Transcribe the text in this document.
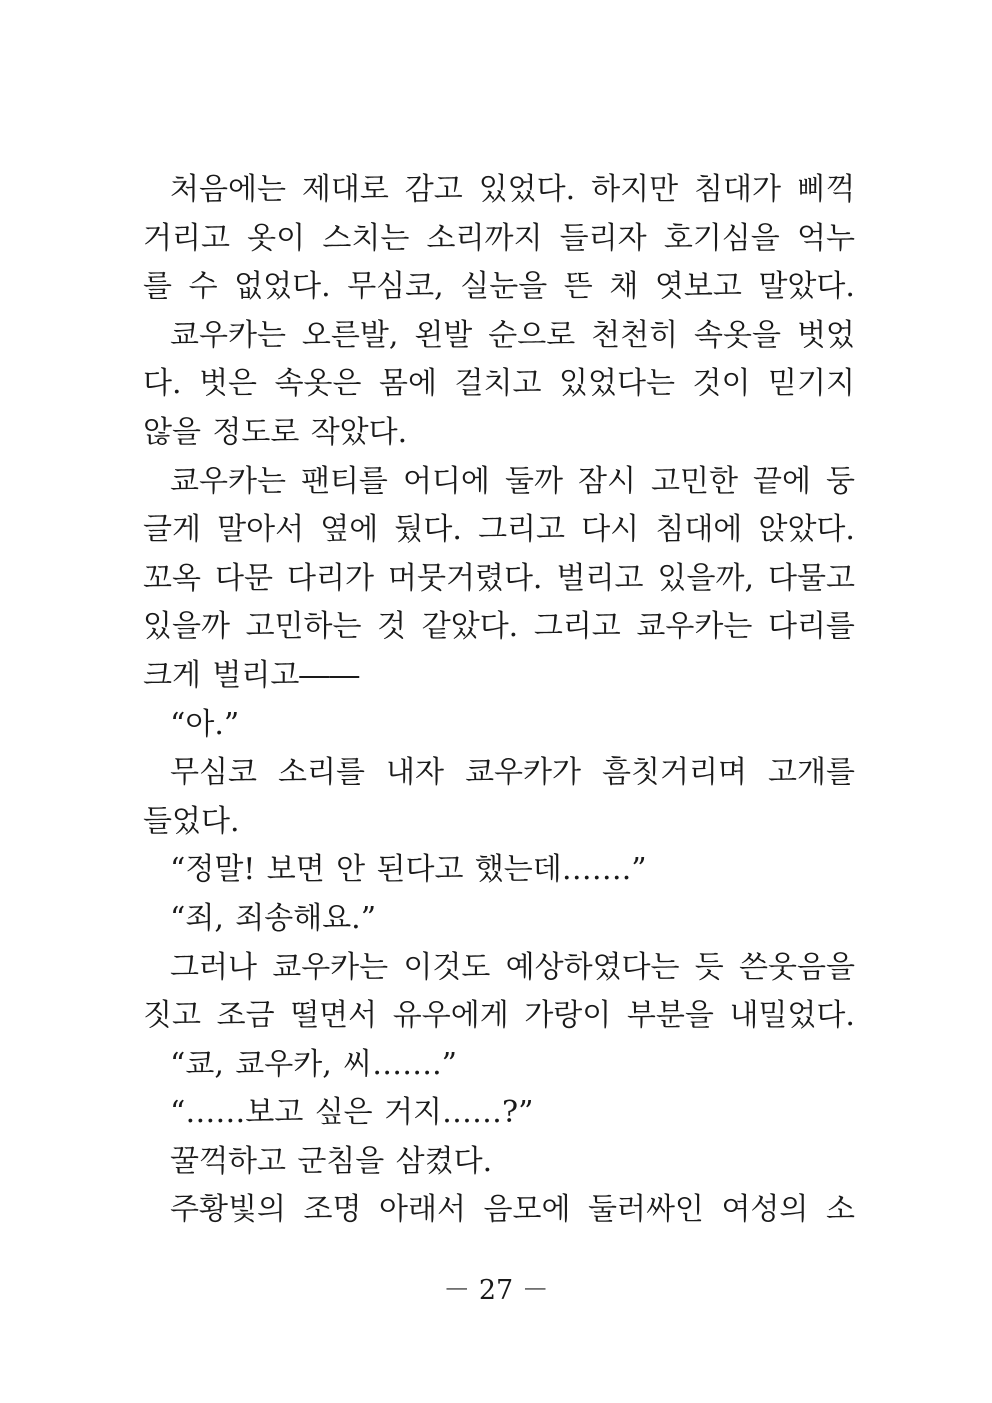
처음에는 제대로 감고 있었다. 하지만 침대가 삐꺽
거리고 옷이 스치는 소리까지 들리자 호기심을 억누
를 수 없었다. 무심코, 실눈을 뜬 채 엿보고 말았다.
쿄우카는 오른발, 왼발 순으로 천천히 속옷을 벗었
다. 벗은 속옷은 몸에 걸치고 있었다는 것이 믿기지
않을 정도로 작았다.
쿄우카는 팬티를 어디에 둘까 잠시 고민한 끝에 둥
글게 말아서 옆에 뒀다. 그리고 다시 침대에 앉았다.
꼬옥 다문 다리가 머뭇거렸다. 벌리고 있을까, 다물고
있을까 고민하는 것 같았다. 그리고 쿄우카는 다리를
크게 벌리고――
“아.”
무심코 소리를 내자 쿄우카가 흠칫거리며 고개를
들었다.
“정말! 보면 안 된다고 했는데…….”
“죄, 죄송해요.”
그러나 쿄우카는 이것도 예상하였다는 듯 쓴웃음을
짓고 조금 떨면서 유우에게 가랑이 부분을 내밀었다.
“쿄, 쿄우카, 씨…….”
“……보고 싶은 거지……?”
꿀꺽하고 군침을 삼켰다.
주황빛의 조명 아래서 음모에 둘러싸인 여성의 소
－ 27 －
